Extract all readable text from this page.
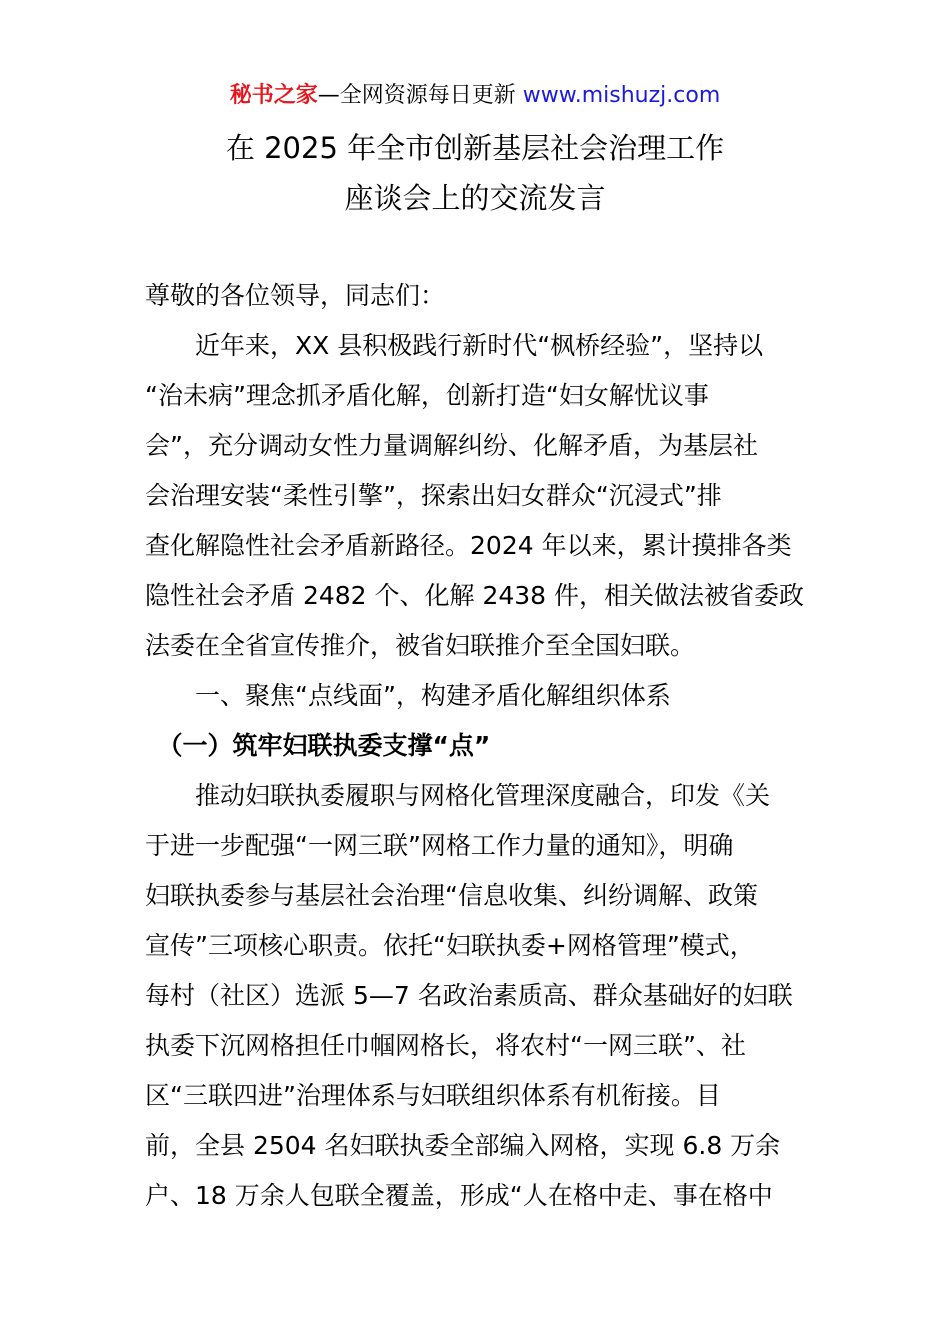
秘书之家—全网资源每日更新 www.mishuzj.com
在 2025 年全市创新基层社会治理工作
座谈会上的交流发言
尊敬的各位领导，同志们：
　　近年来，XX 县积极践行新时代“枫桥经验”，坚持以
“治未病”理念抓矛盾化解，创新打造“妇女解忧议事
会”，充分调动女性力量调解纠纷、化解矛盾，为基层社
会治理安装“柔性引擎”，探索出妇女群众“沉浸式”排
查化解隐性社会矛盾新路径。2024 年以来，累计摸排各类
隐性社会矛盾 2482 个、化解 2438 件，相关做法被省委政
法委在全省宣传推介，被省妇联推介至全国妇联。
　　一、聚焦“点线面”，构建矛盾化解组织体系
　（一）筑牢妇联执委支撑“点”
　　推动妇联执委履职与网格化管理深度融合，印发《关
于进一步配强“一网三联”网格工作力量的通知》，明确
妇联执委参与基层社会治理“信息收集、纠纷调解、政策
宣传”三项核心职责。依托“妇联执委+网格管理”模式，
每村（社区）选派 5—7 名政治素质高、群众基础好的妇联
执委下沉网格担任巾帼网格长，将农村“一网三联”、社
区“三联四进”治理体系与妇联组织体系有机衔接。目
前，全县 2504 名妇联执委全部编入网格，实现 6.8 万余
户、18 万余人包联全覆盖，形成“人在格中走、事在格中
